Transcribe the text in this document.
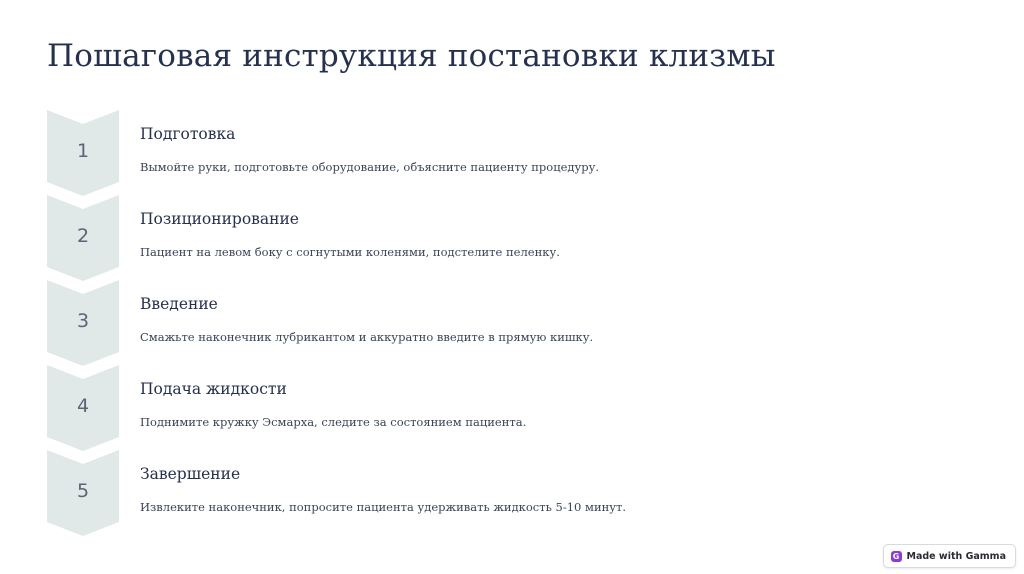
Пошаговая инструкция постановки клизмы
1
Подготовка
Вымойте руки, подготовьте оборудование, объясните пациенту процедуру.
2
Позиционирование
Пациент на левом боку с согнутыми коленями, подстелите пеленку.
3
Введение
Смажьте наконечник лубрикантом и аккуратно введите в прямую кишку.
4
Подача жидкости
Поднимите кружку Эсмарха, следите за состоянием пациента.
5
Завершение
Извлеките наконечник, попросите пациента удерживать жидкость 5-10 минут.
G Made with Gamma
